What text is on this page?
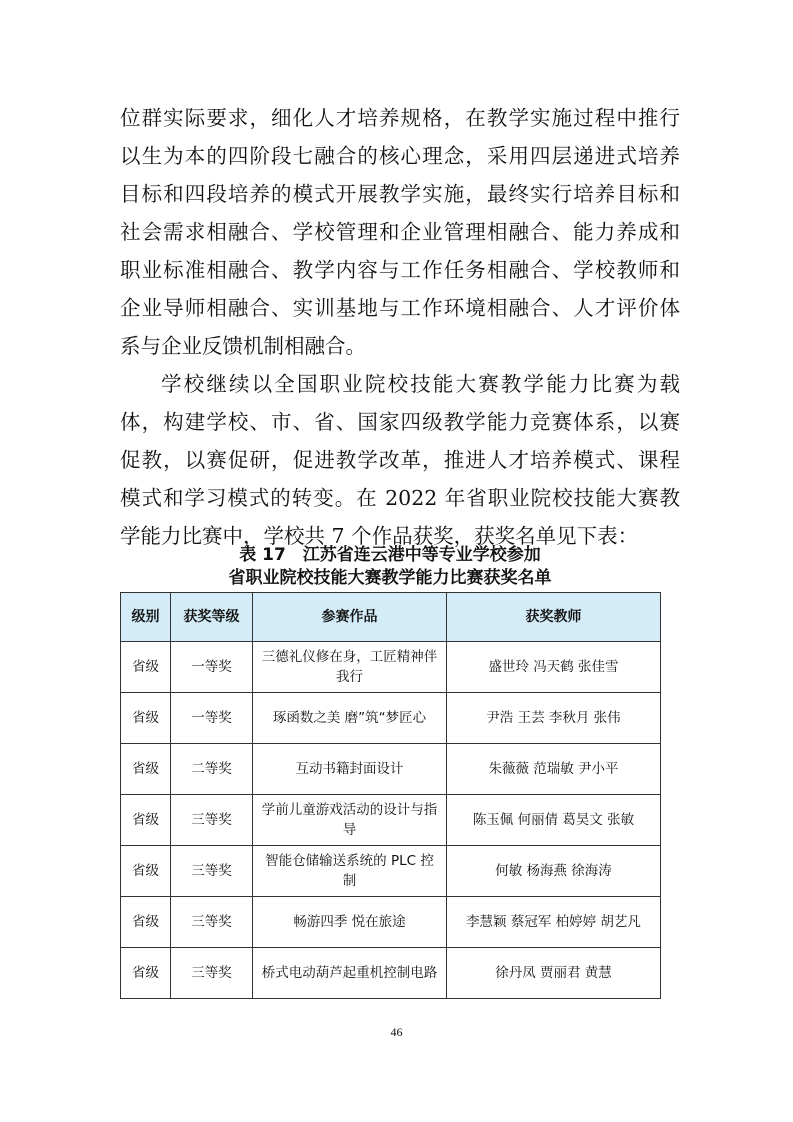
位群实际要求，细化人才培养规格，在教学实施过程中推行
以生为本的四阶段七融合的核心理念，采用四层递进式培养
目标和四段培养的模式开展教学实施，最终实行培养目标和
社会需求相融合、学校管理和企业管理相融合、能力养成和
职业标准相融合、教学内容与工作任务相融合、学校教师和
企业导师相融合、实训基地与工作环境相融合、人才评价体
系与企业反馈机制相融合。
学校继续以全国职业院校技能大赛教学能力比赛为载
体，构建学校、市、省、国家四级教学能力竞赛体系，以赛
促教，以赛促研，促进教学改革，推进人才培养模式、课程
模式和学习模式的转变。在 2022 年省职业院校技能大赛教
学能力比赛中，学校共 7 个作品获奖，获奖名单见下表：

表 17　江苏省连云港中等专业学校参加

省职业院校技能大赛教学能力比赛获奖名单

级别	获奖等级	参赛作品	获奖教师
省级	一等奖	三德礼仪修在身，工匠精神伴我行	盛世玲 冯天鹤 张佳雪
省级	一等奖	琢函数之美 磨”筑“梦匠心	尹浩 王芸 李秋月 张伟
省级	二等奖	互动书籍封面设计	朱薇薇 范瑞敏 尹小平
省级	三等奖	学前儿童游戏活动的设计与指导	陈玉佩 何丽倩 葛昊文 张敏
省级	三等奖	智能仓储输送系统的 PLC 控制	何敏 杨海燕 徐海涛
省级	三等奖	畅游四季 悦在旅途	李慧颖 蔡冠军 柏婷婷 胡艺凡
省级	三等奖	桥式电动葫芦起重机控制电路	徐丹凤 贾丽君 黄慧
46
